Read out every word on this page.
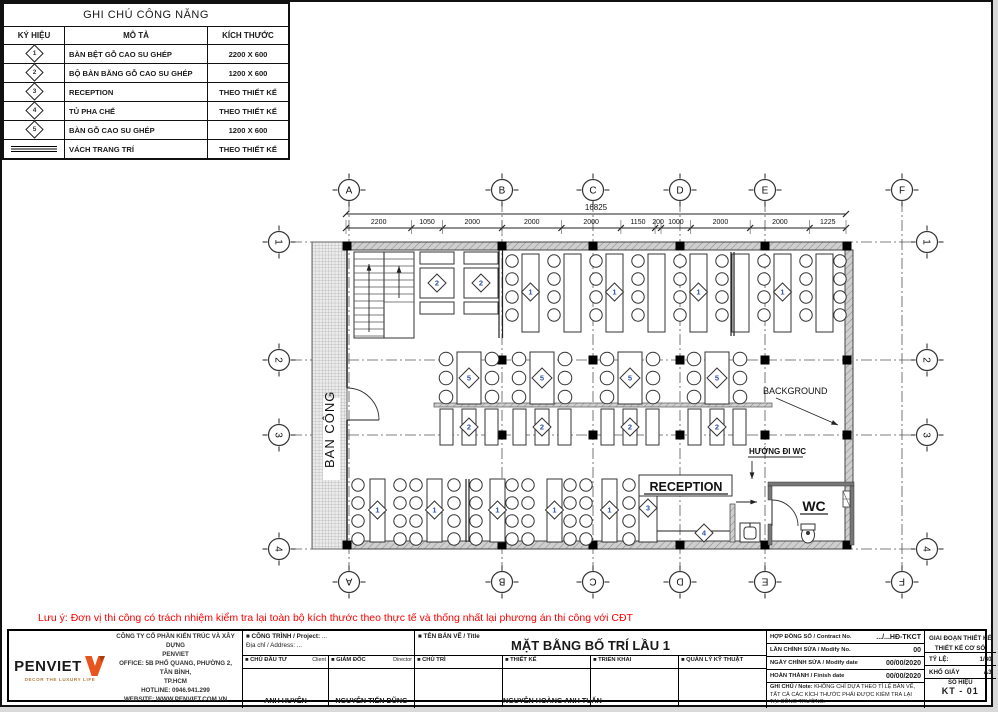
16825
2200	1050	2000	2000	2000	1150 200 1000	2000	2000	1225
BAN CÔNG
2	2
1	1	1	1
5
2
5
2
5
2
5
2
1	1	1	1	1	3
4
RECEPTION
WC
HƯỚNG ĐI WC
BACKGROUND
A
A
B
B
C
C
D
D
E
E
F
F
1	1
2	2
3	3
4	4
GHI CHÚ CÔNG NĂNG		
KÝ HIỆU	MÔ TẢ	KÍCH THƯỚC

1	BÀN BỆT GỖ CAO SU GHÉP	2200 X 600

2	BỘ BÀN BĂNG GỖ CAO SU GHÉP	1200 X 600

3	RECEPTION	THEO THIẾT KẾ

4	TỦ PHA CHẾ	THEO THIẾT KẾ

5	BÀN GỖ CAO SU GHÉP	1200 X 600

	VÁCH TRANG TRÍ	THEO THIẾT KẾ
Lưu ý: Đơn vị thi công có trách nhiệm kiểm tra lại toàn bộ kích thước theo thực tế và thống nhất lại phương án thi công với CĐT
PENVIET
DECOR THE LUXURY LIFE
CÔNG TY CỔ PHẦN KIẾN TRÚC VÀ XÂY DỰNG
PENVIET
OFFICE: 5B PHỔ QUANG, PHƯỜNG 2, TÂN BÌNH,
TP.HCM
HOTLINE: 0946.941.299
WEBSITE: WWW.PENVIET.COM.VN
■ CÔNG TRÌNH / Project: ...
Địa chỉ / Address: ...
■ CHỦ ĐẦU TƯ	Client
ANH HUYÊN
■ GIÁM ĐỐC	Director
NGUYỄN TIẾN DŨNG
■ TÊN BẢN VẼ / Title
MẶT BẰNG BỐ TRÍ LẦU 1
■ CHỦ TRÌ	■ THIẾT KẾ
NGUYỄN HOÀNG ANH TUẤN
■ TRIỂN KHAI	■ QUẢN LÝ KỸ THUẬT
HỢP ĐỒNG SỐ / Contract No.	.../...HĐ-TKCT
LẦN CHỈNH SỬA / Modify No.	00
NGÀY CHỈNH SỬA / Modify date	00/00/2020
HOÀN THÀNH / Finish date	00/00/2020
GHI CHÚ / Note: KHÔNG CHỈ DỰA THEO TỈ LỆ BẢN VẼ, TẤT CẢ CÁC KÍCH THƯỚC PHẢI ĐƯỢC KIỂM TRA LẠI TẠI CÔNG TRƯỜNG.
GIAI ĐOẠN THIẾT KẾ
THIẾT KẾ CƠ SỞ
TỶ LỆ:	1/30
KHỔ GIẤY	A3
SỐ HIỆU
KT - 01
